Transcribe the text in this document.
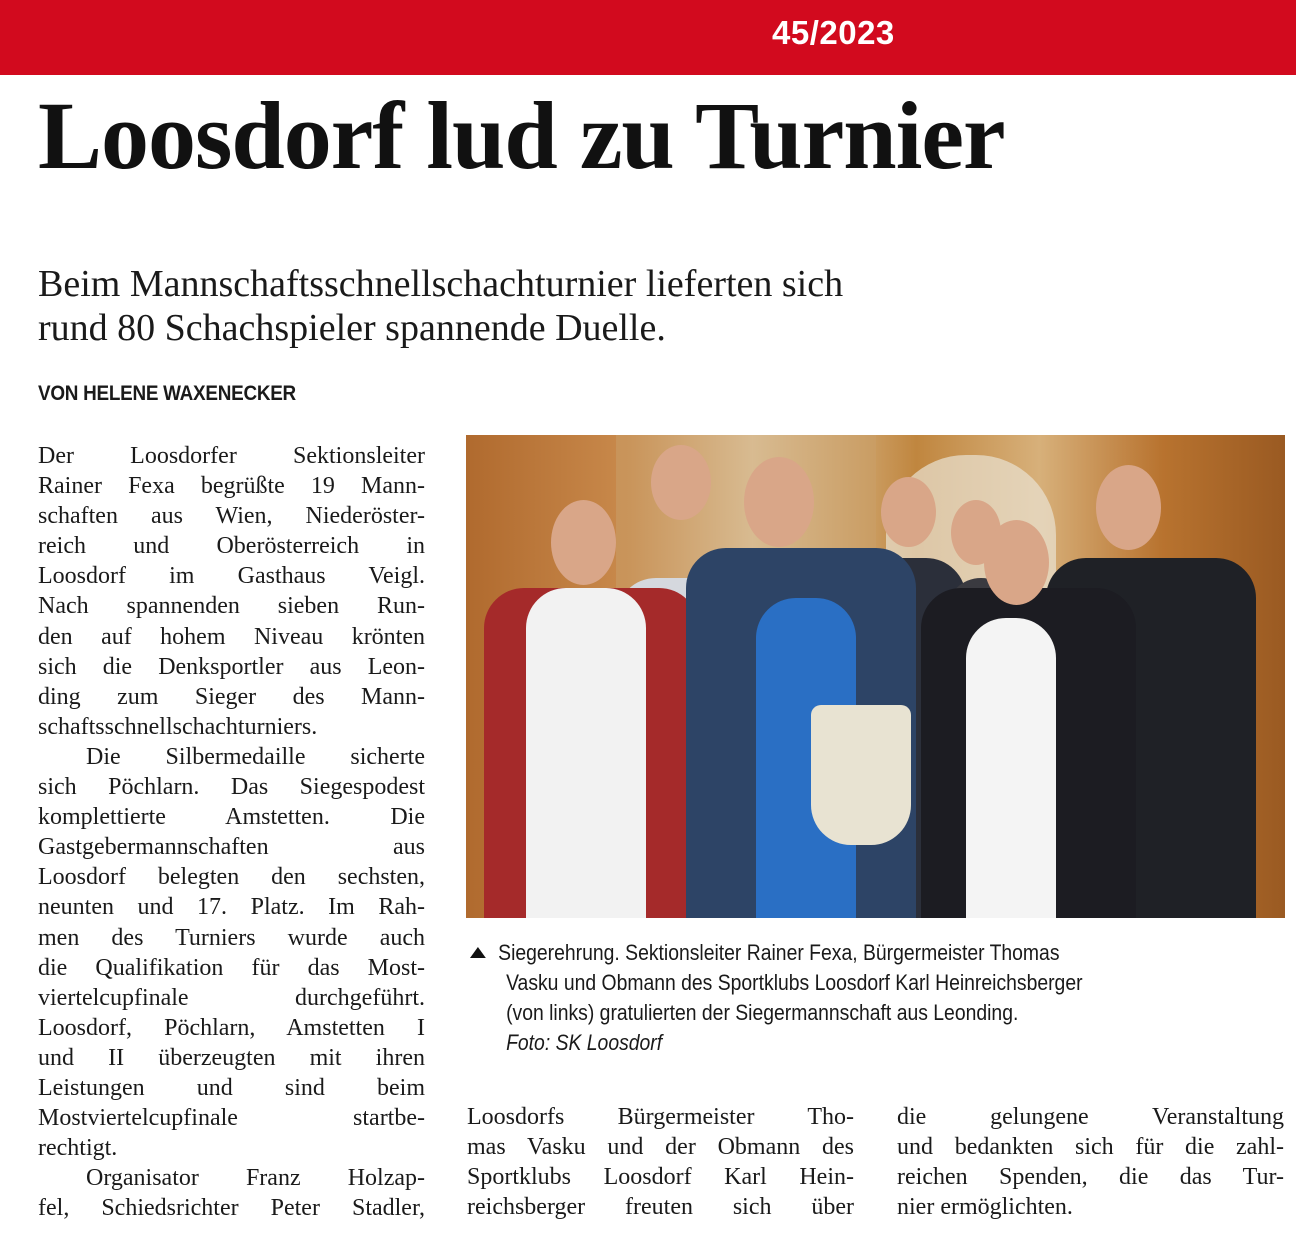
45/2023
Loosdorf lud zu Turnier
Beim Mannschaftsschnellschachturnier lieferten sich
rund 80 Schachspieler spannende Duelle.
VON HELENE WAXENECKER
Der Loosdorfer Sektionsleiter
Rainer Fexa begrüßte 19 Mann-
schaften aus Wien, Niederöster-
reich und Oberösterreich in
Loosdorf im Gasthaus Veigl.
Nach spannenden sieben Run-
den auf hohem Niveau krönten
sich die Denksportler aus Leon-
ding zum Sieger des Mann-
schaftsschnellschachturniers.
Die Silbermedaille sicherte
sich Pöchlarn. Das Siegespodest
komplettierte Amstetten. Die
Gastgebermannschaften aus
Loosdorf belegten den sechsten,
neunten und 17. Platz. Im Rah-
men des Turniers wurde auch
die Qualifikation für das Most-
viertelcupfinale durchgeführt.
Loosdorf, Pöchlarn, Amstetten I
und II überzeugten mit ihren
Leistungen und sind beim
Mostviertelcupfinale startbe-
rechtigt.
Organisator Franz Holzap-
fel, Schiedsrichter Peter Stadler,
Loosdorfs Bürgermeister Tho-
mas Vasku und der Obmann des
Sportklubs Loosdorf Karl Hein-
reichsberger freuten sich über
die gelungene Veranstaltung
und bedankten sich für die zahl-
reichen Spenden, die das Tur-
nier ermöglichten.
Siegerehrung. Sektionsleiter Rainer Fexa, Bürgermeister Thomas
Vasku und Obmann des Sportklubs Loosdorf Karl Heinreichsberger
(von links) gratulierten der Siegermannschaft aus Leonding.
Foto: SK Loosdorf
